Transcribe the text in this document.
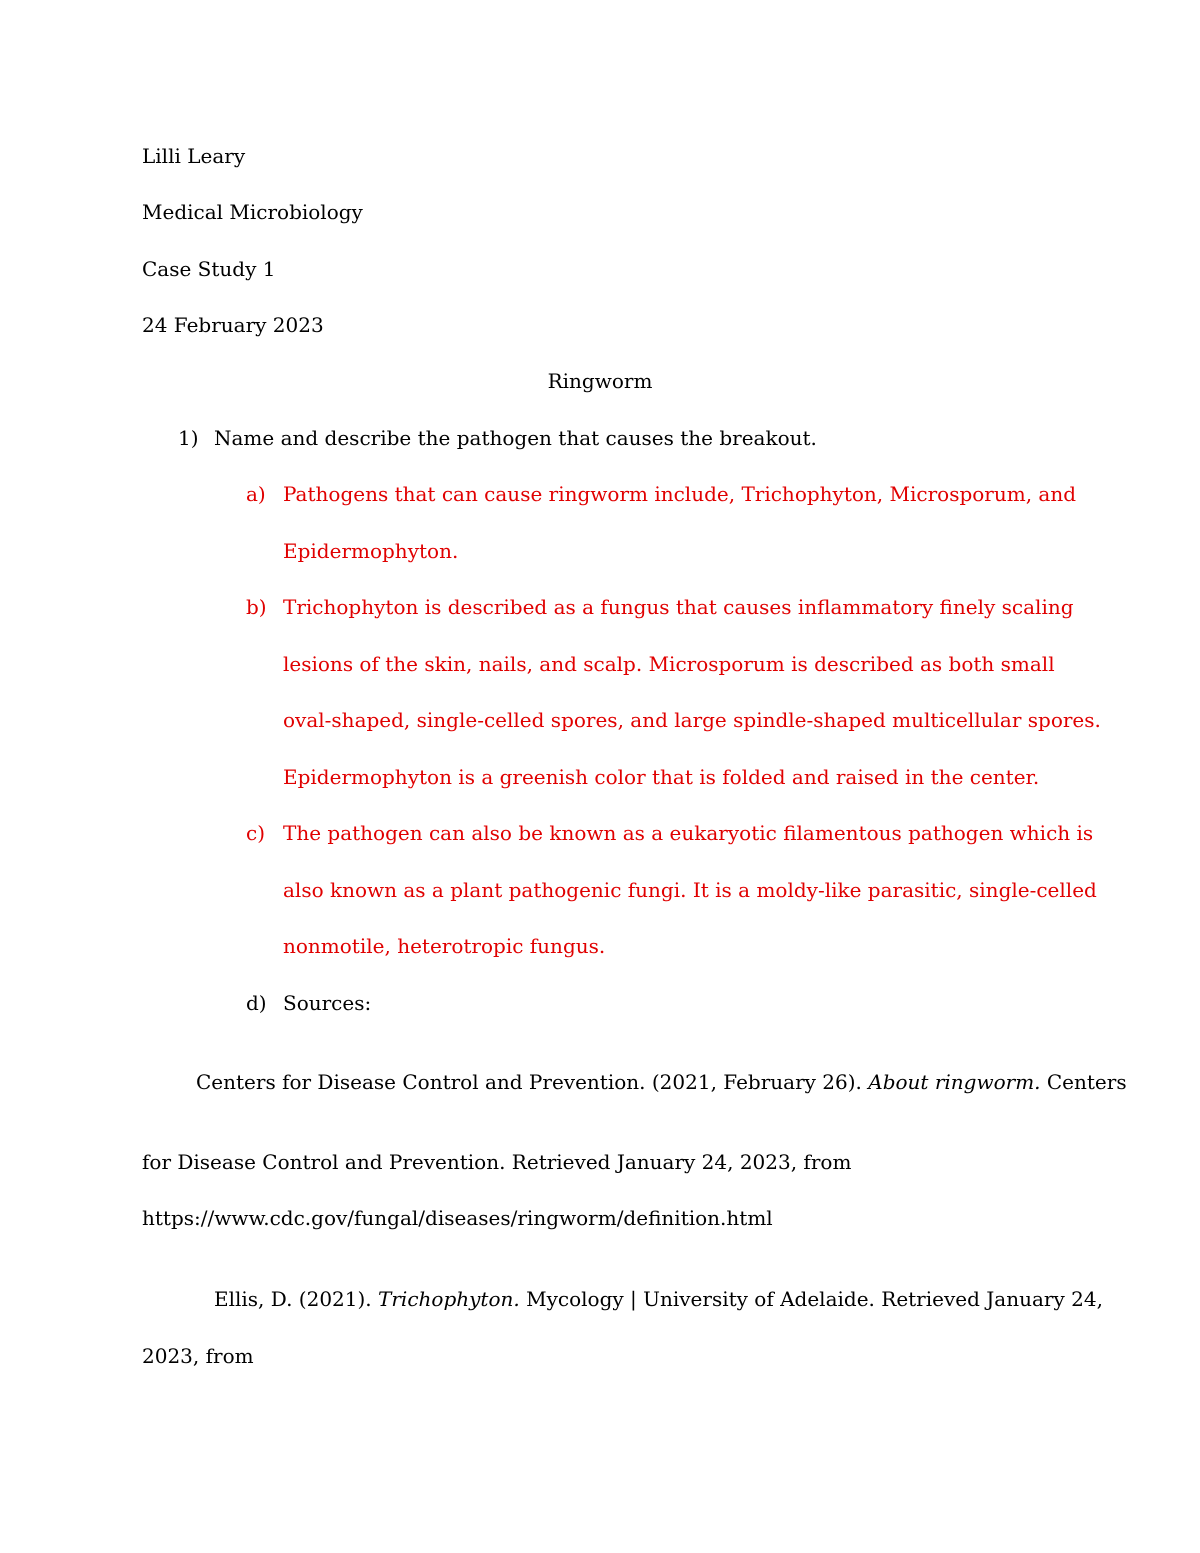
Lilli Leary

Medical Microbiology

Case Study 1

24 February 2023

Ringworm

1) Name and describe the pathogen that causes the breakout.

a) Pathogens that can cause ringworm include, Trichophyton, Microsporum, and

Epidermophyton.

b) Trichophyton is described as a fungus that causes inflammatory finely scaling

lesions of the skin, nails, and scalp. Microsporum is described as both small

oval-shaped, single-celled spores, and large spindle-shaped multicellular spores.

Epidermophyton is a greenish color that is folded and raised in the center.

c) The pathogen can also be known as a eukaryotic filamentous pathogen which is

also known as a plant pathogenic fungi. It is a moldy-like parasitic, single-celled

nonmotile, heterotropic fungus.

d) Sources:

Centers for Disease Control and Prevention. (2021, February 26). About ringworm. Centers

for Disease Control and Prevention. Retrieved January 24, 2023, from

https://www.cdc.gov/fungal/diseases/ringworm/definition.html

Ellis, D. (2021). Trichophyton. Mycology | University of Adelaide. Retrieved January 24,

2023, from
